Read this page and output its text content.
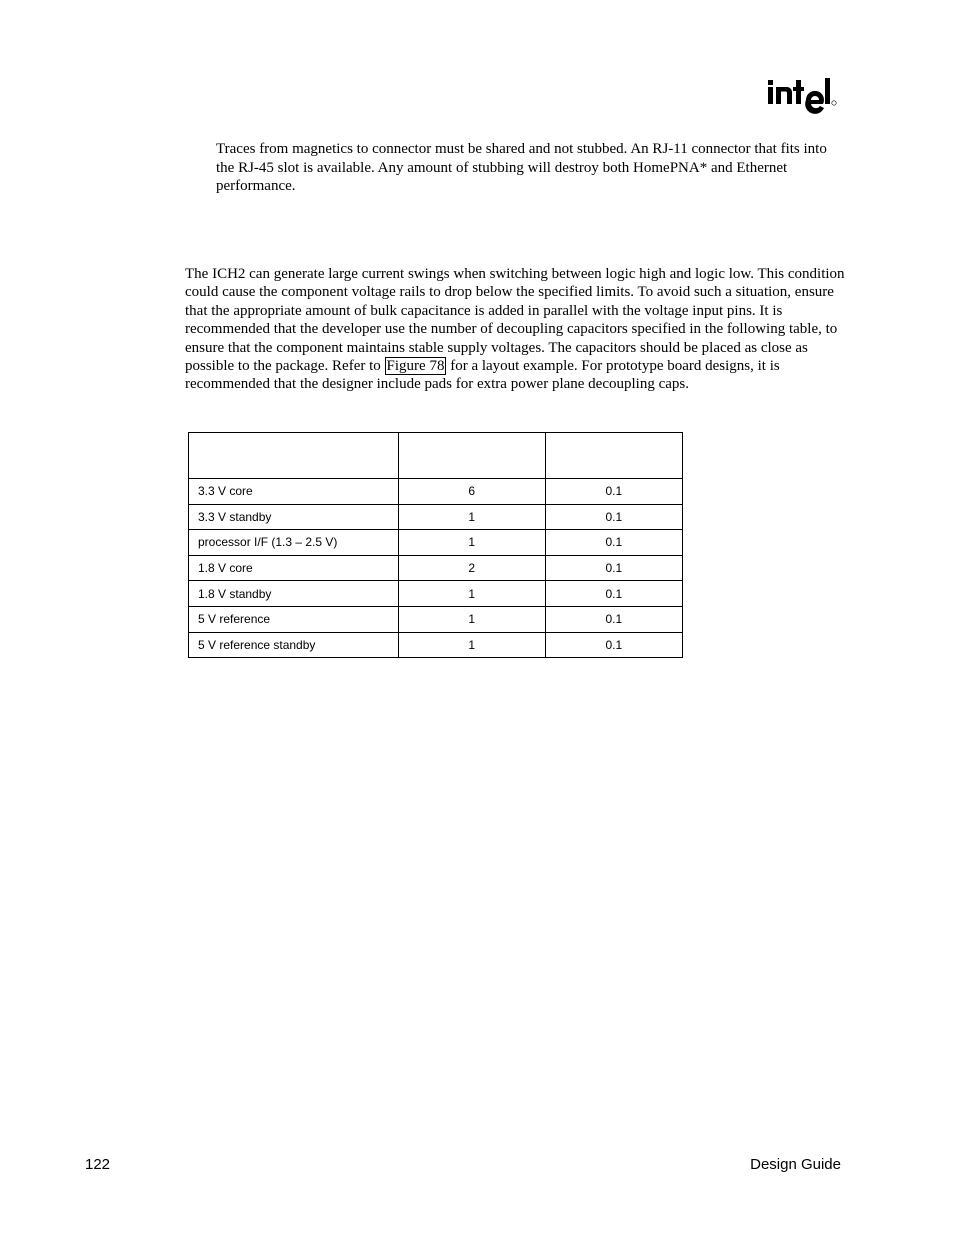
Traces from magnetics to connector must be shared and not stubbed. An RJ-11 connector that fits into the RJ-45 slot is available. Any amount of stubbing will destroy both HomePNA* and Ethernet performance.

The ICH2 can generate large current swings when switching between logic high and logic low. This condition could cause the component voltage rails to drop below the specified limits. To avoid such a situation, ensure that the appropriate amount of bulk capacitance is added in parallel with the voltage input pins. It is recommended that the developer use the number of decoupling capacitors specified in the following table, to ensure that the component maintains stable supply voltages. The capacitors should be placed as close as possible to the package. Refer to Figure 78 for a layout example. For prototype board designs, it is recommended that the designer include pads for extra power plane decoupling caps.

3.3 V core	6	0.1
3.3 V standby	1	0.1
processor I/F (1.3 – 2.5 V)	1	0.1
1.8 V core	2	0.1
1.8 V standby	1	0.1
5 V reference	1	0.1
5 V reference standby	1	0.1
122	Design Guide
